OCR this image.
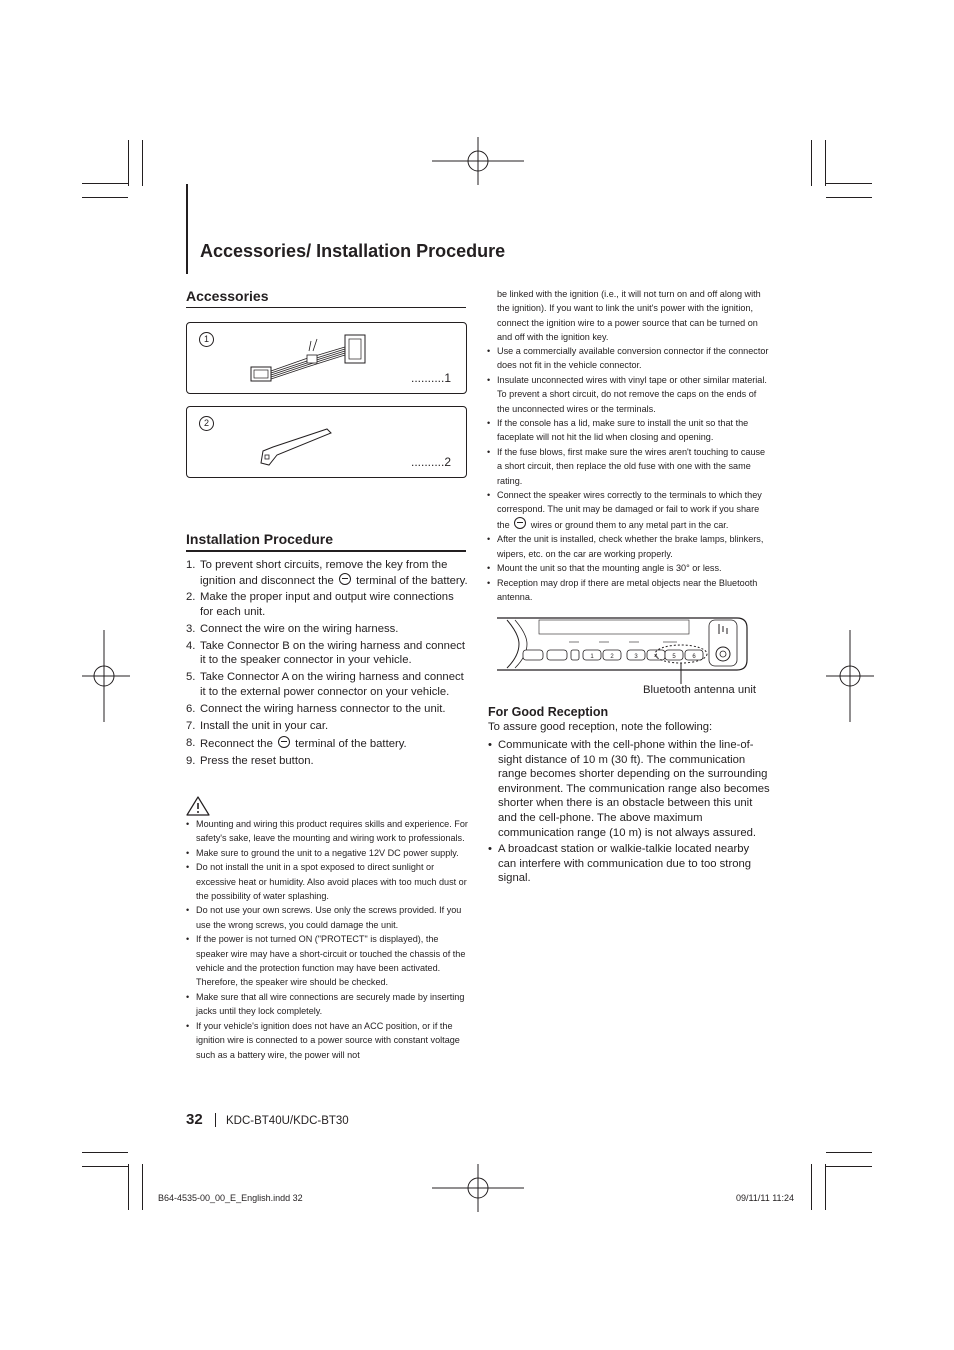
Accessories/ Installation Procedure
Accessories
1
..........1
2
..........2
Installation Procedure
1. To prevent short circuits, remove the key from the ignition and disconnect the terminal of the battery.
2. Make the proper input and output wire connections for each unit.
3. Connect the wire on the wiring harness.
4. Take Connector B on the wiring harness and connect it to the speaker connector in your vehicle.
5. Take Connector A on the wiring harness and connect it to the external power connector on your vehicle.
6. Connect the wiring harness connector to the unit.
7. Install the unit in your car.
8. Reconnect the terminal of the battery.
9. Press the reset button.
• Mounting and wiring this product requires skills and experience. For safety's sake, leave the mounting and wiring work to professionals.
• Make sure to ground the unit to a negative 12V DC power supply.
• Do not install the unit in a spot exposed to direct sunlight or excessive heat or humidity. Also avoid places with too much dust or the possibility of water splashing.
• Do not use your own screws. Use only the screws provided. If you use the wrong screws, you could damage the unit.
• If the power is not turned ON ("PROTECT" is displayed), the speaker wire may have a short-circuit or touched the chassis of the vehicle and the protection function may have been activated. Therefore, the speaker wire should be checked.
• Make sure that all wire connections are securely made by inserting jacks until they lock completely.
• If your vehicle's ignition does not have an ACC position, or if the ignition wire is connected to a power source with constant voltage such as a battery wire, the power will not

be linked with the ignition (i.e., it will not turn on and off along with the ignition). If you want to link the unit's power with the ignition, connect the ignition wire to a power source that can be turned on and off with the ignition key.

• Use a commercially available conversion connector if the connector does not fit in the vehicle connector.
• Insulate unconnected wires with vinyl tape or other similar material. To prevent a short circuit, do not remove the caps on the ends of the unconnected wires or the terminals.
• If the console has a lid, make sure to install the unit so that the faceplate will not hit the lid when closing and opening.
• If the fuse blows, first make sure the wires aren't touching to cause a short circuit, then replace the old fuse with one with the same rating.
• Connect the speaker wires correctly to the terminals to which they correspond. The unit may be damaged or fail to work if you share the wires or ground them to any metal part in the car.
• After the unit is installed, check whether the brake lamps, blinkers, wipers, etc. on the car are working properly.
• Mount the unit so that the mounting angle is 30° or less.
• Reception may drop if there are metal objects near the Bluetooth antenna.
1	2	3	4 5	6
Bluetooth antenna unit
For Good Reception
To assure good reception, note the following:
• Communicate with the cell-phone within the line-of-sight distance of 10 m (30 ft). The communication range becomes shorter depending on the surrounding environment. The communication range also becomes shorter when there is an obstacle between this unit and the cell-phone. The above maximum communication range (10 m) is not always assured.
• A broadcast station or walkie-talkie located nearby can interfere with communication due to too strong signal.
32 KDC-BT40U/KDC-BT30
B64-4535-00_00_E_English.indd 32	09/11/11 11:24
